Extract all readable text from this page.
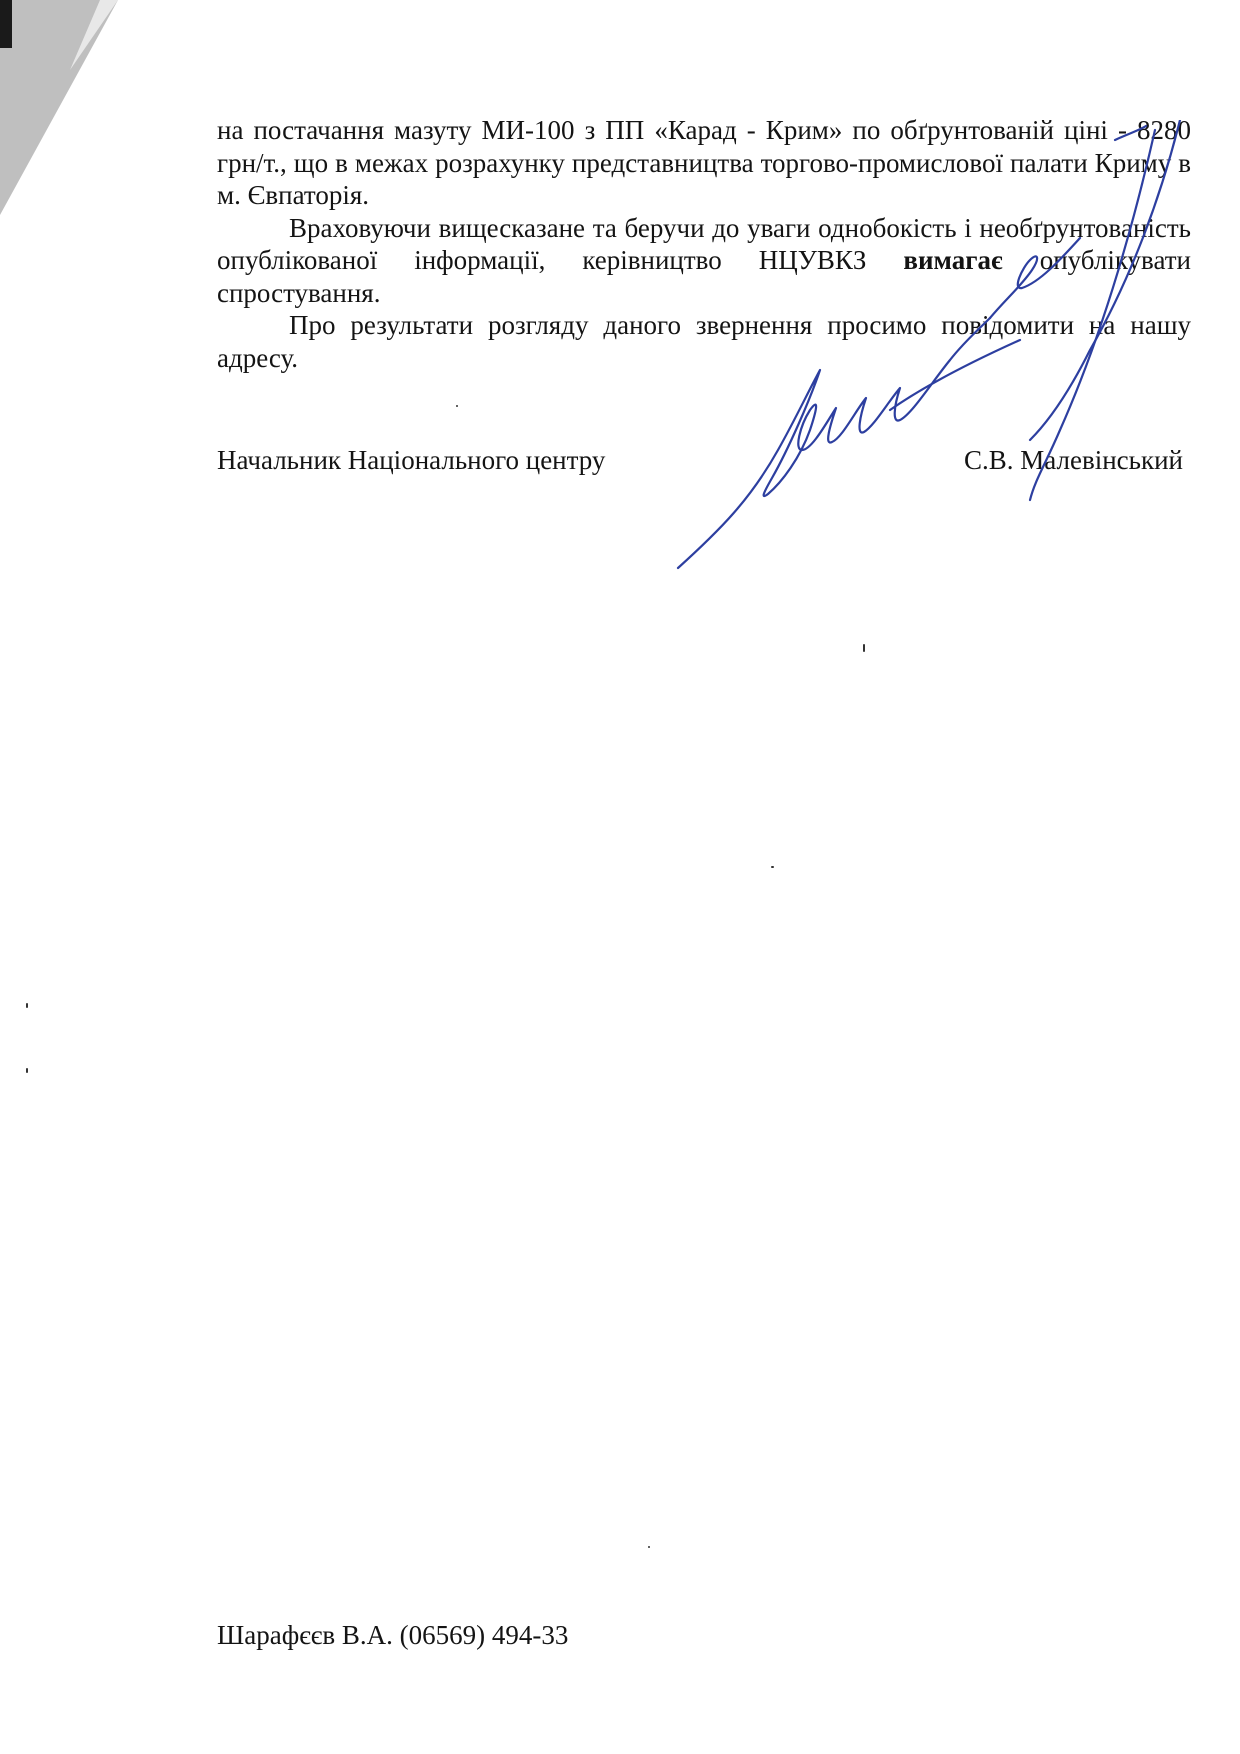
на постачання мазуту МИ-100 з ПП «Карад - Крим» по обґрунтованій ціні - 8280 грн/т., що в межах розрахунку представництва торгово-промислової палати Криму в м. Євпаторія.

Враховуючи вищесказане та беручи до уваги однобокість і необґрунтованість опублікованої інформації, керівництво НЦУВКЗ вимагає опублікувати спростування.

Про результати розгляду даного звернення просимо повідомити на нашу адресу.

Начальник Національного центру	С.В. Малевінський
Шарафєєв В.А. (06569) 494-33
